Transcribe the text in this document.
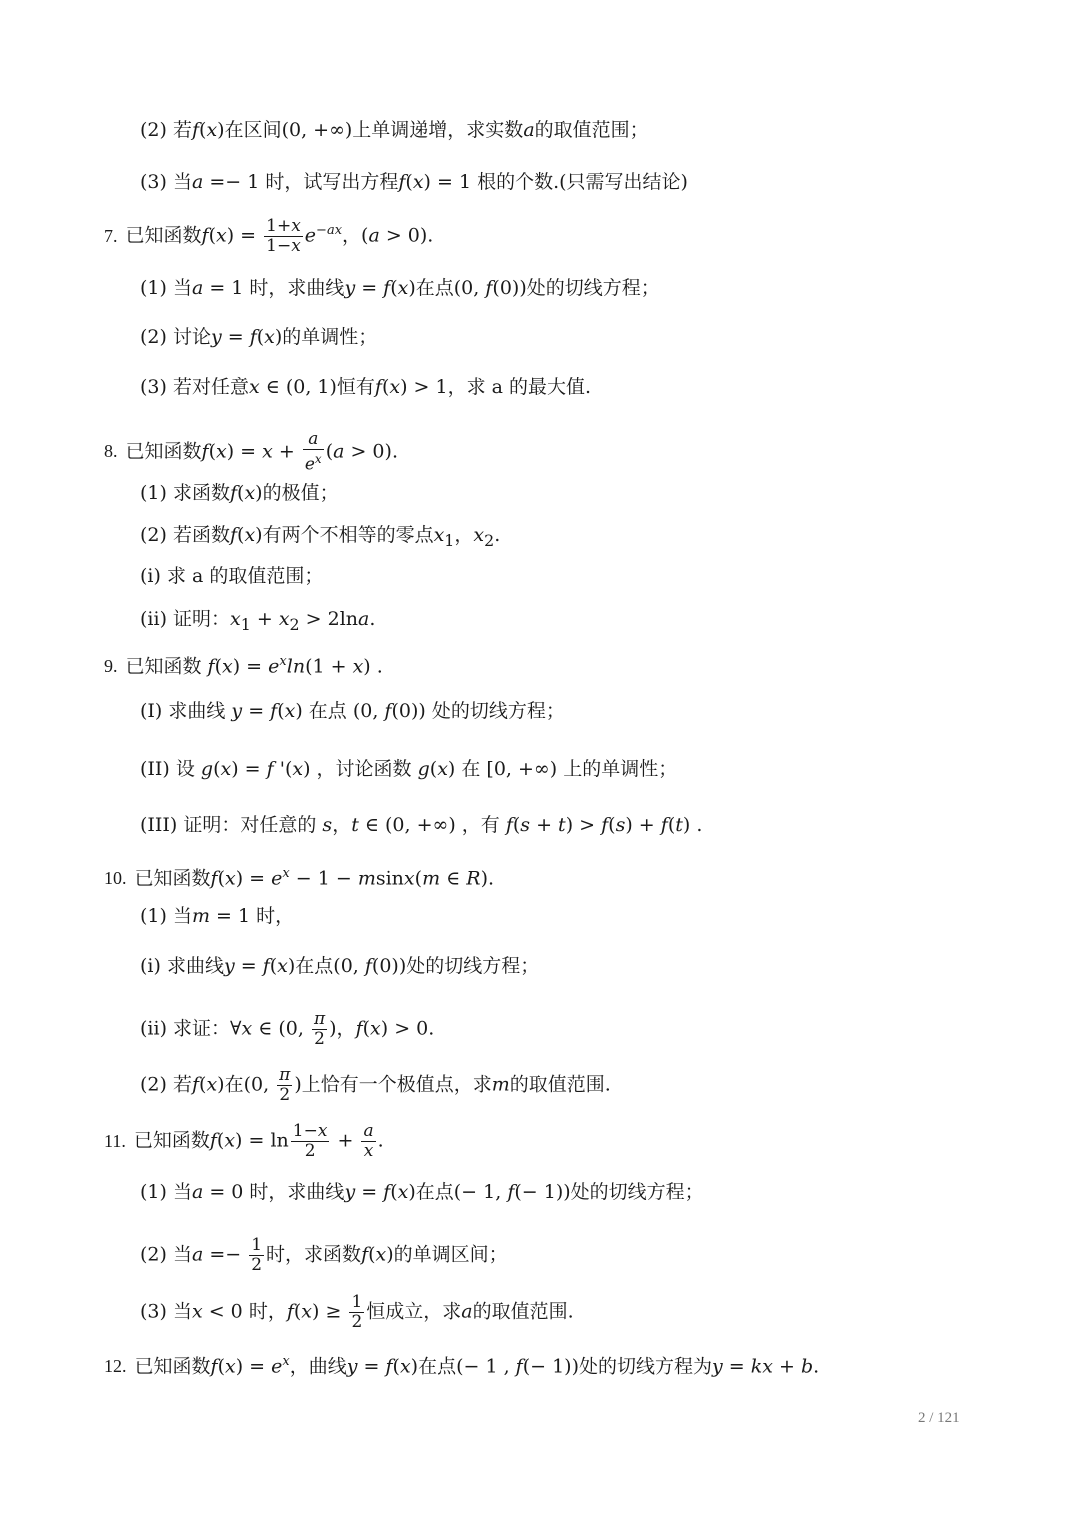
(2) 若f(x)在区间(0, +∞)上单调递增，求实数a的取值范围；
(3) 当a =− 1 时，试写出方程f(x) = 1 根的个数.(只需写出结论)
7. 已知函数$f(x) = \frac{1+x}{1-x} e^{-ax}$，(a > 0).
(1) 当a = 1 时，求曲线y = f(x)在点(0, f(0))处的切线方程；
(2) 讨论y = f(x)的单调性；
(3) 若对任意x ∈ (0, 1)恒有f(x) > 1，求 a 的最大值.
8. 已知函数$f(x) = x + \frac{a}{e^x} (a > 0)$.
(1) 求函数f(x)的极值；
(2) 若函数f(x)有两个不相等的零点$x_1$，$x_2$.
(i) 求 a 的取值范围；
(ii) 证明：$x_1 + x_2 > 2\ln a$.
9. 已知函数 $f(x) = e^x\ln(1 + x)$ .
(I) 求曲线 y = f(x) 在点 (0, f(0)) 处的切线方程；
(II) 设 g(x) = f '(x) ，讨论函数 g(x) 在 [0, +∞) 上的单调性；
(III) 证明：对任意的 s，t ∈ (0, +∞) ，有 f(s + t) > f(s) + f(t) .
10. 已知函数$f(x) = e^x - 1 - msinx(m$ ∈ R).
(1) 当m = 1 时，
(i) 求曲线y = f(x)在点(0, f(0))处的切线方程；
(ii) 求证：∀x ∈ (0, $\frac{\pi}{2}$ )，f(x) > 0.
(2) 若f(x)在(0, $\frac{\pi}{2}$ )上恰有一个极值点，求m的取值范围.
11. 已知函数$f(x) = \ln \frac{1-x}{2} + \frac{a}{x}$ .
(1) 当a = 0 时，求曲线y = f(x)在点(− 1, f(− 1))处的切线方程；
(2) 当$a =- \frac{1}{2}$ 时，求函数f(x)的单调区间；
(3) 当x < 0 时，$f(x) \ge \frac{1}{2}$ 恒成立，求a的取值范围.
12. 已知函数$f(x) = e^x$，曲线y = f(x)在点(− 1 , f(− 1))处的切线方程为y = kx + b.
2 / 121
